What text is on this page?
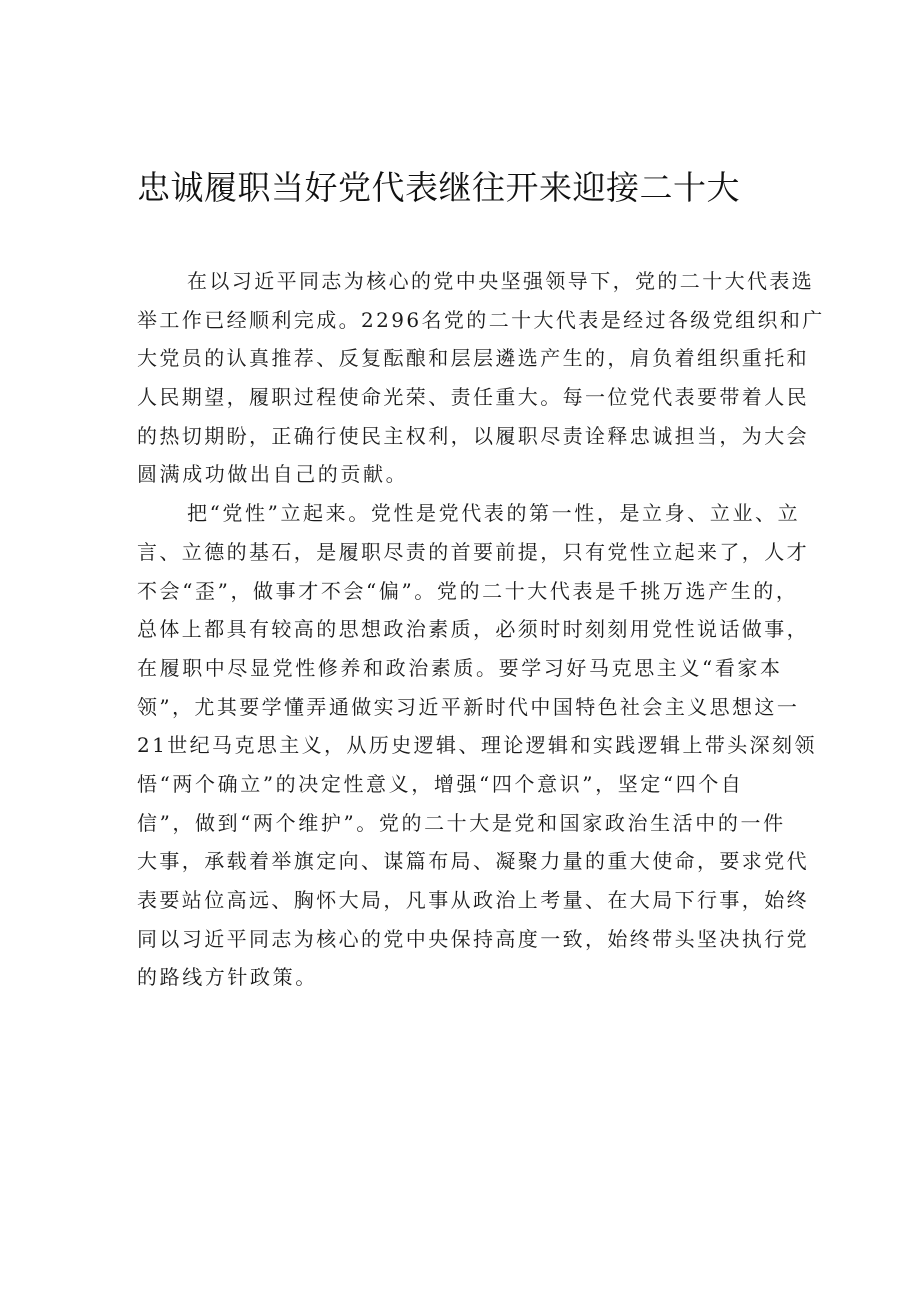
忠诚履职当好党代表继往开来迎接二十大
在以习近平同志为核心的党中央坚强领导下，党的二十大代表选
举工作已经顺利完成。2296名党的二十大代表是经过各级党组织和广
大党员的认真推荐、反复酝酿和层层遴选产生的，肩负着组织重托和
人民期望，履职过程使命光荣、责任重大。每一位党代表要带着人民
的热切期盼，正确行使民主权利，以履职尽责诠释忠诚担当，为大会
圆满成功做出自己的贡献。
把“党性”立起来。党性是党代表的第一性，是立身、立业、立
言、立德的基石，是履职尽责的首要前提，只有党性立起来了，人才
不会“歪”，做事才不会“偏”。党的二十大代表是千挑万选产生的，
总体上都具有较高的思想政治素质，必须时时刻刻用党性说话做事，
在履职中尽显党性修养和政治素质。要学习好马克思主义“看家本
领”，尤其要学懂弄通做实习近平新时代中国特色社会主义思想这一
21世纪马克思主义，从历史逻辑、理论逻辑和实践逻辑上带头深刻领
悟“两个确立”的决定性意义，增强“四个意识”，坚定“四个自
信”，做到“两个维护”。党的二十大是党和国家政治生活中的一件
大事，承载着举旗定向、谋篇布局、凝聚力量的重大使命，要求党代
表要站位高远、胸怀大局，凡事从政治上考量、在大局下行事，始终
同以习近平同志为核心的党中央保持高度一致，始终带头坚决执行党
的路线方针政策。
